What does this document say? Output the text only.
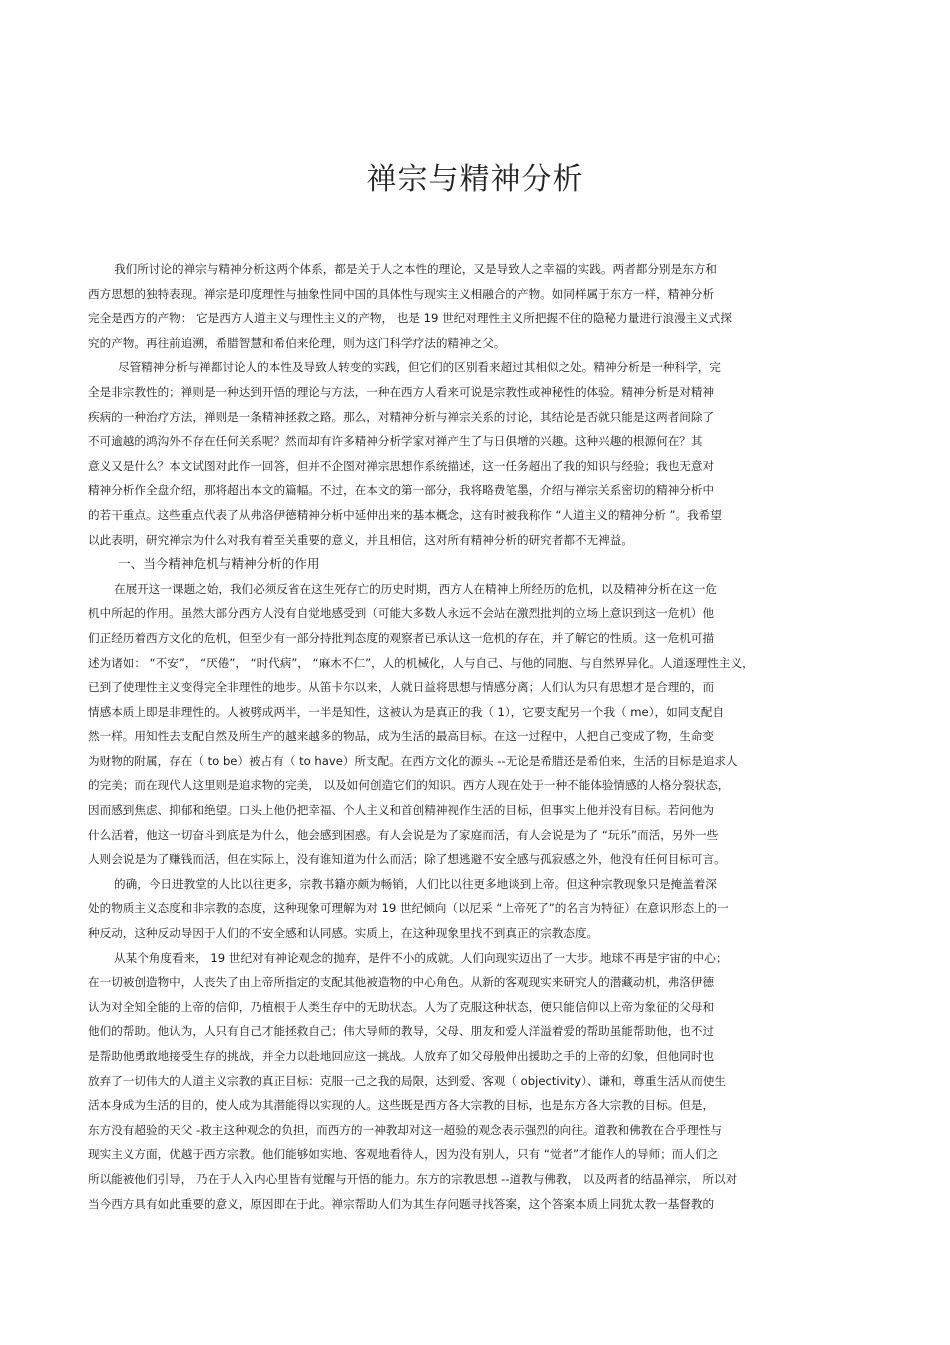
禅宗与精神分析
我们所讨论的禅宗与精神分析这两个体系，都是关于人之本性的理论，又是导致人之幸福的实践。两者都分别是东方和
西方思想的独特表现。禅宗是印度理性与抽象性同中国的具体性与现实主义相融合的产物。如同样属于东方一样，精神分析
完全是西方的产物： 它是西方人道主义与理性主义的产物， 也是 19 世纪对理性主义所把握不住的隐秘力量进行浪漫主义式探
究的产物。再往前追溯，希腊智慧和希伯来伦理，则为这门科学疗法的精神之父。
尽管精神分析与禅都讨论人的本性及导致人转变的实践，但它们的区别看来超过其相似之处。精神分析是一种科学，完
全是非宗教性的；禅则是一种达到开悟的理论与方法，一种在西方人看来可说是宗教性或神秘性的体验。精神分析是对精神
疾病的一种治疗方法，禅则是一条精神拯救之路。那么，对精神分析与禅宗关系的讨论，其结论是否就只能是这两者间除了
不可逾越的鸿沟外不存在任何关系呢？然而却有许多精神分析学家对禅产生了与日俱增的兴趣。这种兴趣的根源何在？其
意义又是什么？本文试图对此作一回答，但并不企图对禅宗思想作系统描述，这一任务超出了我的知识与经验；我也无意对
精神分析作全盘介绍，那将超出本文的篇幅。不过，在本文的第一部分，我将略费笔墨，介绍与禅宗关系密切的精神分析中
的若干重点。这些重点代表了从弗洛伊德精神分析中延伸出来的基本概念，这有时被我称作 “人道主义的精神分析 ”。我希望
以此表明，研究禅宗为什么对我有着至关重要的意义，并且相信，这对所有精神分析的研究者都不无裨益。
一、当今精神危机与精神分析的作用
在展开这一课题之始，我们必须反省在这生死存亡的历史时期，西方人在精神上所经历的危机，以及精神分析在这一危
机中所起的作用。虽然大部分西方人没有自觉地感受到（可能大多数人永远不会站在激烈批判的立场上意识到这一危机）他
们正经历着西方文化的危机，但至少有一部分持批判态度的观察者已承认这一危机的存在，并了解它的性质。这一危机可描
述为诸如： “不安”， “厌倦”， “时代病”， “麻木不仁”，人的机械化，人与自己、与他的同胞、与自然界异化。人道逐理性主义，
已到了使理性主义变得完全非理性的地步。从笛卡尔以来，人就日益将思想与情感分离；人们认为只有思想才是合理的，而
情感本质上即是非理性的。人被劈成两半，一半是知性，这被认为是真正的我（ 1），它要支配另一个我（ me），如同支配自
然一样。用知性去支配自然及所生产的越来越多的物品，成为生活的最高目标。在这一过程中，人把自己变成了物，生命变
为财物的附属，存在（ to be）被占有（ to have）所支配。在西方文化的源头 --无论是希腊还是希伯来，生活的目标是追求人
的完美；而在现代人这里则是追求物的完美， 以及如何创造它们的知识。西方人现在处于一种不能体验情感的人格分裂状态，
因而感到焦虑、抑郁和绝望。口头上他仍把幸福、个人主义和首创精神视作生活的目标，但事实上他并没有目标。若问他为
什么活着，他这一切奋斗到底是为什么，他会感到困惑。有人会说是为了家庭而活，有人会说是为了 “玩乐”而活，另外一些
人则会说是为了赚钱而活，但在实际上，没有谁知道为什么而活；除了想逃避不安全感与孤寂感之外，他没有任何目标可言。
的确，今日进教堂的人比以往更多，宗教书籍亦颇为畅销，人们比以往更多地谈到上帝。但这种宗教现象只是掩盖着深
处的物质主义态度和非宗教的态度，这种现象可理解为对 19 世纪倾向（以尼采 “上帝死了”的名言为特征）在意识形态上的一
种反动，这种反动导因于人们的不安全感和认同感。实质上，在这种现象里找不到真正的宗教态度。
从某个角度看来， 19 世纪对有神论观念的抛弃，是件不小的成就。人们向现实迈出了一大步。地球不再是宇宙的中心；
在一切被创造物中，人丧失了由上帝所指定的支配其他被造物的中心角色。从新的客观现实来研究人的潜藏动机，弗洛伊德
认为对全知全能的上帝的信仰，乃植根于人类生存中的无助状态。人为了克服这种状态，便只能信仰以上帝为象征的父母和
他们的帮助。他认为，人只有自己才能拯救自己；伟大导师的教导，父母、朋友和爱人洋溢着爱的帮助虽能帮助他，也不过
是帮助他勇敢地接受生存的挑战，并全力以赴地回应这一挑战。人放弃了如父母般伸出援助之手的上帝的幻象，但他同时也
放弃了一切伟大的人道主义宗教的真正目标：克服一己之我的局限，达到爱、客观（ objectivity）、谦和，尊重生活从而使生
活本身成为生活的目的，使人成为其潜能得以实现的人。这些既是西方各大宗教的目标，也是东方各大宗教的目标。但是，
东方没有超验的天父 -救主这种观念的负担，而西方的一神教却对这一超验的观念表示强烈的向往。道教和佛教在合乎理性与
现实主义方面，优越于西方宗教。他们能够如实地、客观地看待人，因为没有别人，只有 “觉者”才能作人的导师；而人们之
所以能被他们引导， 乃在于人入内心里皆有觉醒与开悟的能力。东方的宗教思想 --道教与佛教， 以及两者的结晶禅宗， 所以对
当今西方具有如此重要的意义，原因即在于此。禅宗帮助人们为其生存问题寻找答案，这个答案本质上同犹太教一基督教的
